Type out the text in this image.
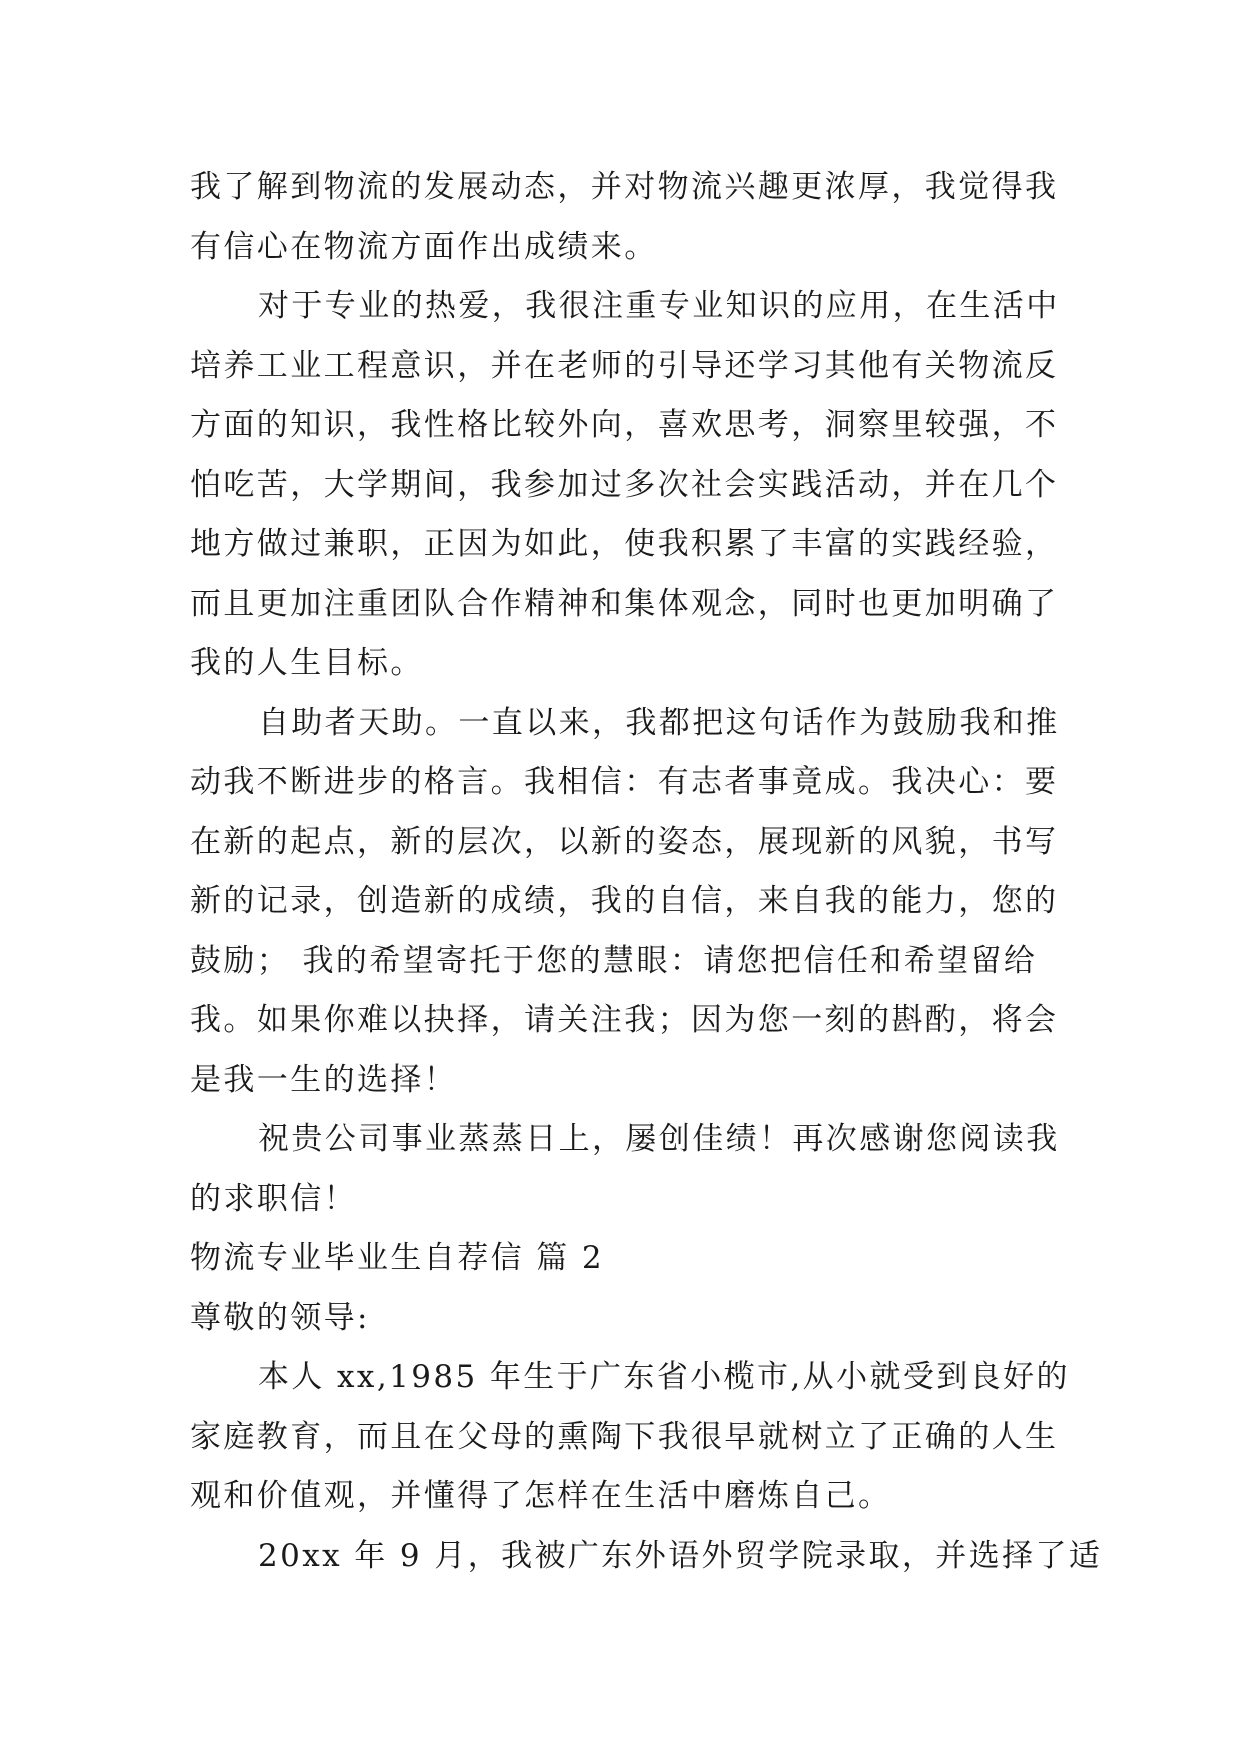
我了解到物流的发展动态，并对物流兴趣更浓厚，我觉得我
有信心在物流方面作出成绩来。
对于专业的热爱，我很注重专业知识的应用，在生活中
培养工业工程意识，并在老师的引导还学习其他有关物流反
方面的知识，我性格比较外向，喜欢思考，洞察里较强，不
怕吃苦，大学期间，我参加过多次社会实践活动，并在几个
地方做过兼职，正因为如此，使我积累了丰富的实践经验，
而且更加注重团队合作精神和集体观念，同时也更加明确了
我的人生目标。
自助者天助。一直以来，我都把这句话作为鼓励我和推
动我不断进步的格言。我相信：有志者事竟成。我决心：要
在新的起点，新的层次，以新的姿态，展现新的风貌，书写
新的记录，创造新的成绩，我的自信，来自我的能力，您的
鼓励； 我的希望寄托于您的慧眼：请您把信任和希望留给
我。如果你难以抉择，请关注我；因为您一刻的斟酌，将会
是我一生的选择！
祝贵公司事业蒸蒸日上，屡创佳绩！再次感谢您阅读我
的求职信！
物流专业毕业生自荐信 篇 2
尊敬的领导:
本人 xx,1985 年生于广东省小榄市,从小就受到良好的
家庭教育，而且在父母的熏陶下我很早就树立了正确的人生
观和价值观，并懂得了怎样在生活中磨炼自己。
20xx 年 9 月，我被广东外语外贸学院录取，并选择了适
